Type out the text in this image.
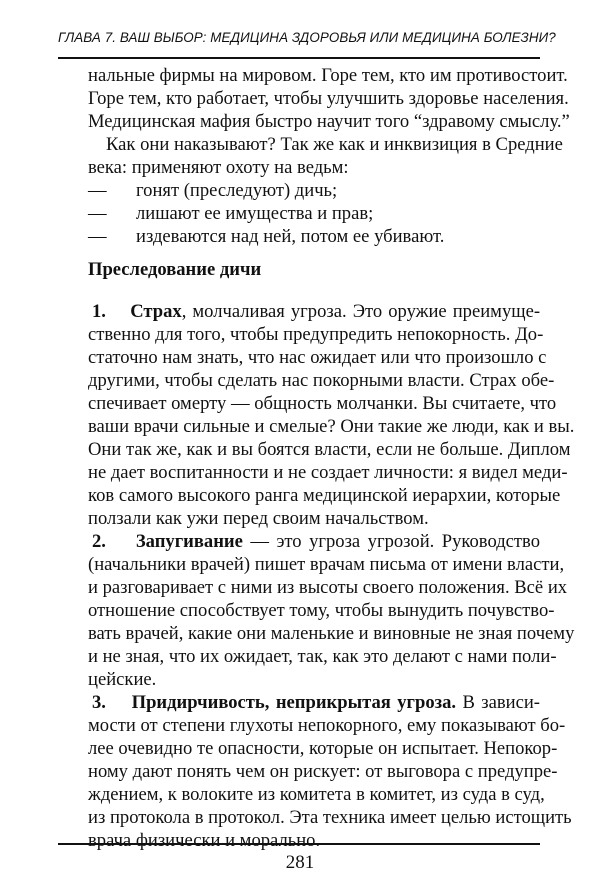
ГЛАВА 7. ВАШ ВЫБОР: МЕДИЦИНА ЗДОРОВЬЯ ИЛИ МЕДИЦИНА БОЛЕЗНИ?
нальные фирмы на мировом. Горе тем, кто им противостоит.
Горе тем, кто работает, чтобы улучшить здоровье населения.
Медицинская мафия быстро научит того “здравому смыслу.”
Как они наказывают? Так же как и инквизиция в Средние
века: применяют охоту на ведьм:
— гонят (преследуют) дичь;
— лишают ее имущества и прав;
— издеваются над ней, потом ее убивают.
Преследование дичи
1. Страх, молчаливая угроза. Это оружие преимуще-
ственно для того, чтобы предупредить непокорность. До-
статочно нам знать, что нас ожидает или что произошло с
другими, чтобы сделать нас покорными власти. Страх обе-
спечивает омерту — общность молчанки. Вы считаете, что
ваши врачи сильные и смелые? Они такие же люди, как и вы.
Они так же, как и вы боятся власти, если не больше. Диплом
не дает воспитанности и не создает личности: я видел меди-
ков самого высокого ранга медицинской иерархии, которые
ползали как ужи перед своим начальством.
2. Запугивание — это угроза угрозой. Руководство
(начальники врачей) пишет врачам письма от имени власти,
и разговаривает с ними из высоты своего положения. Всё их
отношение способствует тому, чтобы вынудить почувство-
вать врачей, какие они маленькие и виновные не зная почему
и не зная, что их ожидает, так, как это делают с нами поли-
цейские.
3. Придирчивость, неприкрытая угроза. В зависи-
мости от степени глухоты непокорного, ему показывают бо-
лее очевидно те опасности, которые он испытает. Непокор-
ному дают понять чем он рискует: от выговора с предупре-
ждением, к волоките из комитета в комитет, из суда в суд,
из протокола в протокол. Эта техника имеет целью истощить
врача физически и морально.
281
